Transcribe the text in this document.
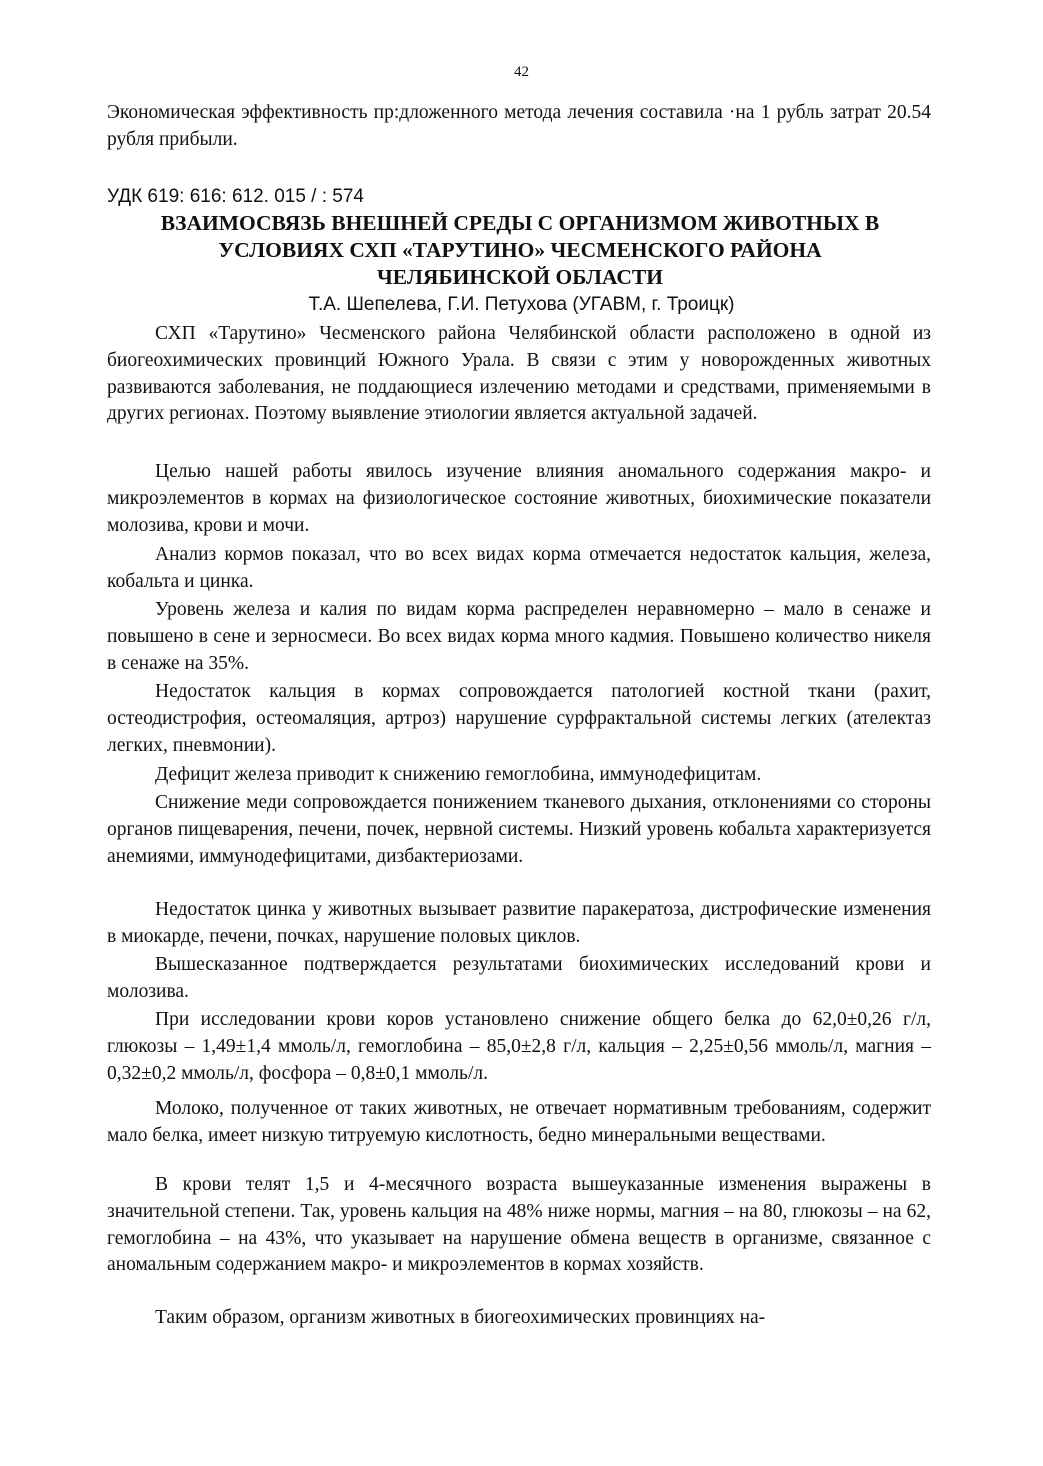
42
Экономическая эффективность пр:дложенного метода лечения составила ·на 1 рубль затрат 20.54 рубля прибыли.
УДК 619: 616: 612. 015 / : 574
ВЗАИМОСВЯЗЬ ВНЕШНЕЙ СРЕДЫ С ОРГАНИЗМОМ ЖИВОТНЫХ В
УСЛОВИЯХ СХП «ТАРУТИНО» ЧЕСМЕНСКОГО РАЙОНА
ЧЕЛЯБИНСКОЙ ОБЛАСТИ
Т.А. Шепелева, Г.И. Петухова (УГАВМ, г. Троицк)
СХП «Тарутино» Чесменского района Челябинской области расположено в одной из биогеохимических провинций Южного Урала. В связи с этим у новорожденных животных развиваются заболевания, не поддающиеся излечению методами и средствами, применяемыми в других регионах. Поэтому выявление этиологии является актуальной задачей.
Целью нашей работы явилось изучение влияния аномального содержания макро- и микроэлементов в кормах на физиологическое состояние животных, биохимические показатели молозива, крови и мочи.
Анализ кормов показал, что во всех видах корма отмечается недостаток кальция, железа, кобальта и цинка.
Уровень железа и калия по видам корма распределен неравномерно – мало в сенаже и повышено в сене и зерносмеси. Во всех видах корма много кадмия. Повышено количество никеля в сенаже на 35%.
Недостаток кальция в кормах сопровождается патологией костной ткани (рахит, остеодистрофия, остеомаляция, артроз) нарушение сурфрактальной системы легких (ателектаз легких, пневмонии).
Дефицит железа приводит к снижению гемоглобина, иммунодефицитам.
Снижение меди сопровождается понижением тканевого дыхания, отклонениями со стороны органов пищеварения, печени, почек, нервной системы. Низкий уровень кобальта характеризуется анемиями, иммунодефицитами, дизбактериозами.
Недостаток цинка у животных вызывает развитие паракератоза, дистрофические изменения в миокарде, печени, почках, нарушение половых циклов.
Вышесказанное подтверждается результатами биохимических исследований крови и молозива.
При исследовании крови коров установлено снижение общего белка до 62,0±0,26 г/л, глюкозы – 1,49±1,4 ммоль/л, гемоглобина – 85,0±2,8 г/л, кальция – 2,25±0,56 ммоль/л, магния – 0,32±0,2 ммоль/л, фосфора – 0,8±0,1 ммоль/л.
Молоко, полученное от таких животных, не отвечает нормативным требованиям, содержит мало белка, имеет низкую титруемую кислотность, бедно минеральными веществами.
В крови телят 1,5 и 4-месячного возраста вышеуказанные изменения выражены в значительной степени. Так, уровень кальция на 48% ниже нормы, магния – на 80, глюкозы – на 62, гемоглобина – на 43%, что указывает на нарушение обмена веществ в организме, связанное с аномальным содержанием макро- и микроэлементов в кормах хозяйств.
Таким образом, организм животных в биогеохимических провинциях на-
